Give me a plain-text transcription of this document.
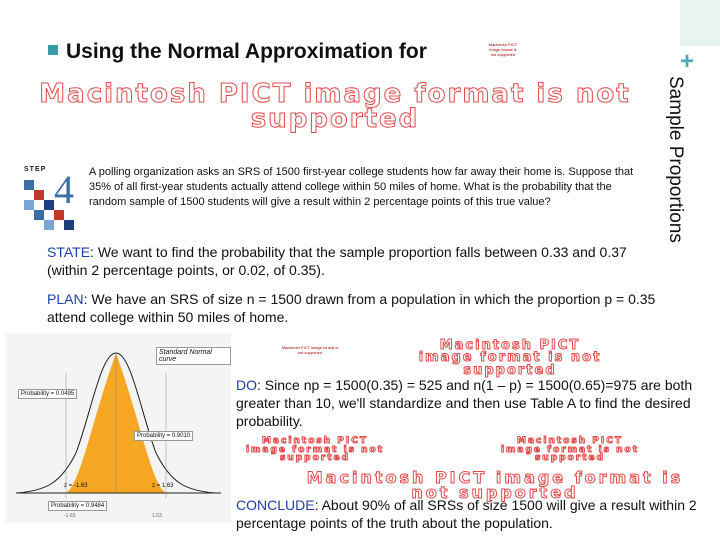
+
Using the Normal Approximation for	Macintosh PICT image format is not supported
Sample Proportions
Macintosh PICT image format is not supported
STEP 4 A polling organization asks an SRS of 1500 first-year college students how far away their home is. Suppose that 35% of all first-year students actually attend college within 50 miles of home. What is the probability that the random sample of 1500 students will give a result within 2 percentage points of this true value?
STATE: We want to find the probability that the sample proportion falls between 0.33 and 0.37 (within 2 percentage points, or 0.02, of 0.35).
PLAN: We have an SRS of size n = 1500 drawn from a population in which the proportion p = 0.35 attend college within 50 miles of home.
Standard Normal curve
Probability = 0.0495
Probability = 0.9010
z = -1.63	z = 1.63
Probability = 0.9484
-1.63	1.63
Macintosh PICT image format is not supported	Macintosh PICT image format is not supported
DO: Since np = 1500(0.35) = 525 and n(1 – p) = 1500(0.65)=975 are both greater than 10, we'll standardize and then use Table A to find the desired probability.
Macintosh PICT image format is not supported
Macintosh PICT image format is not supported
Macintosh PICT image format is not supported
CONCLUDE: About 90% of all SRSs of size 1500 will give a result within 2 percentage points of the truth about the population.
